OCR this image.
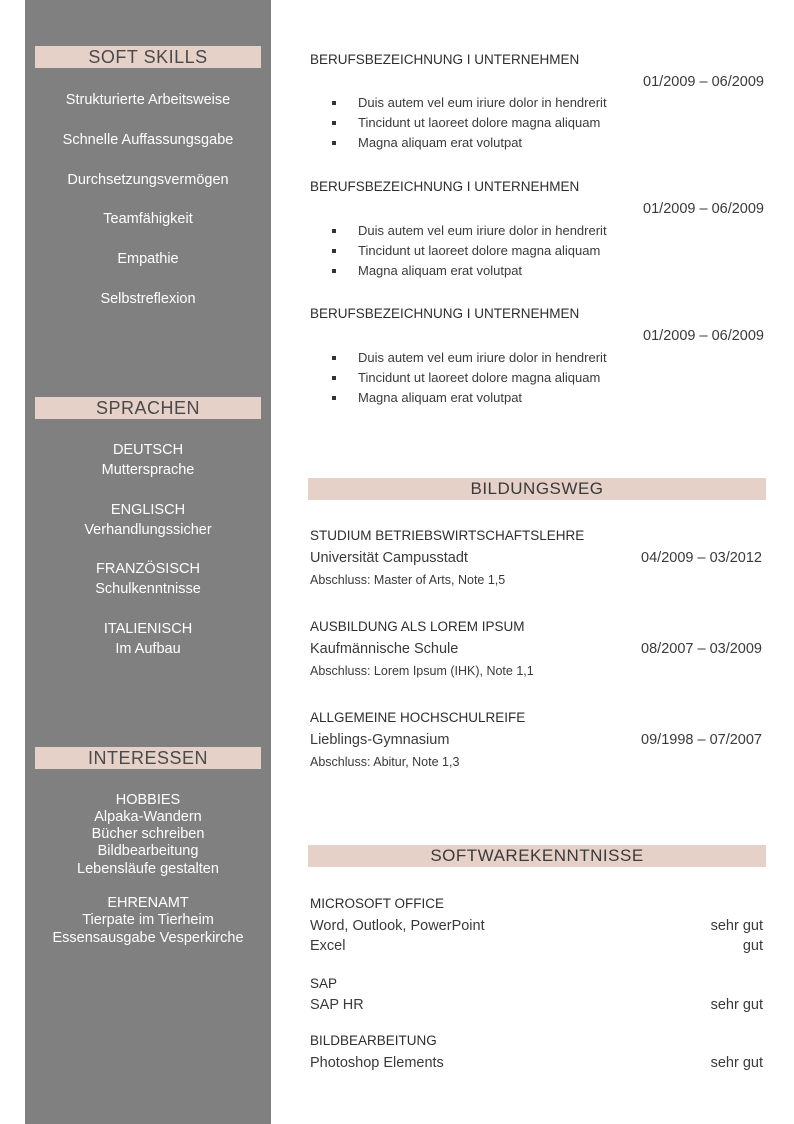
SOFT SKILLS
Strukturierte Arbeitsweise
Schnelle Auffassungsgabe
Durchsetzungsvermögen
Teamfähigkeit
Empathie
Selbstreflexion
SPRACHEN
DEUTSCH
Muttersprache
ENGLISCH
Verhandlungssicher
FRANZÖSISCH
Schulkenntnisse
ITALIENISCH
Im Aufbau
INTERESSEN
HOBBIES
Alpaka-Wandern
Bücher schreiben
Bildbearbeitung
Lebensläufe gestalten
EHRENAMT
Tierpate im Tierheim
Essensausgabe Vesperkirche
BERUFSBEZEICHNUNG I UNTERNEHMEN
01/2009 – 06/2009
Duis autem vel eum iriure dolor in hendrerit
Tincidunt ut laoreet dolore magna aliquam
Magna aliquam erat volutpat
BERUFSBEZEICHNUNG I UNTERNEHMEN
01/2009 – 06/2009
Duis autem vel eum iriure dolor in hendrerit
Tincidunt ut laoreet dolore magna aliquam
Magna aliquam erat volutpat
BERUFSBEZEICHNUNG I UNTERNEHMEN
01/2009 – 06/2009
Duis autem vel eum iriure dolor in hendrerit
Tincidunt ut laoreet dolore magna aliquam
Magna aliquam erat volutpat
BILDUNGSWEG
STUDIUM BETRIEBSWIRTSCHAFTSLEHRE
Universität Campusstadt	04/2009 – 03/2012
Abschluss: Master of Arts, Note 1,5
AUSBILDUNG ALS LOREM IPSUM
Kaufmännische Schule	08/2007 – 03/2009
Abschluss: Lorem Ipsum (IHK), Note 1,1
ALLGEMEINE HOCHSCHULREIFE
Lieblings-Gymnasium	09/1998 – 07/2007
Abschluss: Abitur, Note 1,3
SOFTWAREKENNTNISSE
MICROSOFT OFFICE
Word, Outlook, PowerPoint	sehr gut
Excel	gut
SAP
SAP HR	sehr gut
BILDBEARBEITUNG
Photoshop Elements	sehr gut
